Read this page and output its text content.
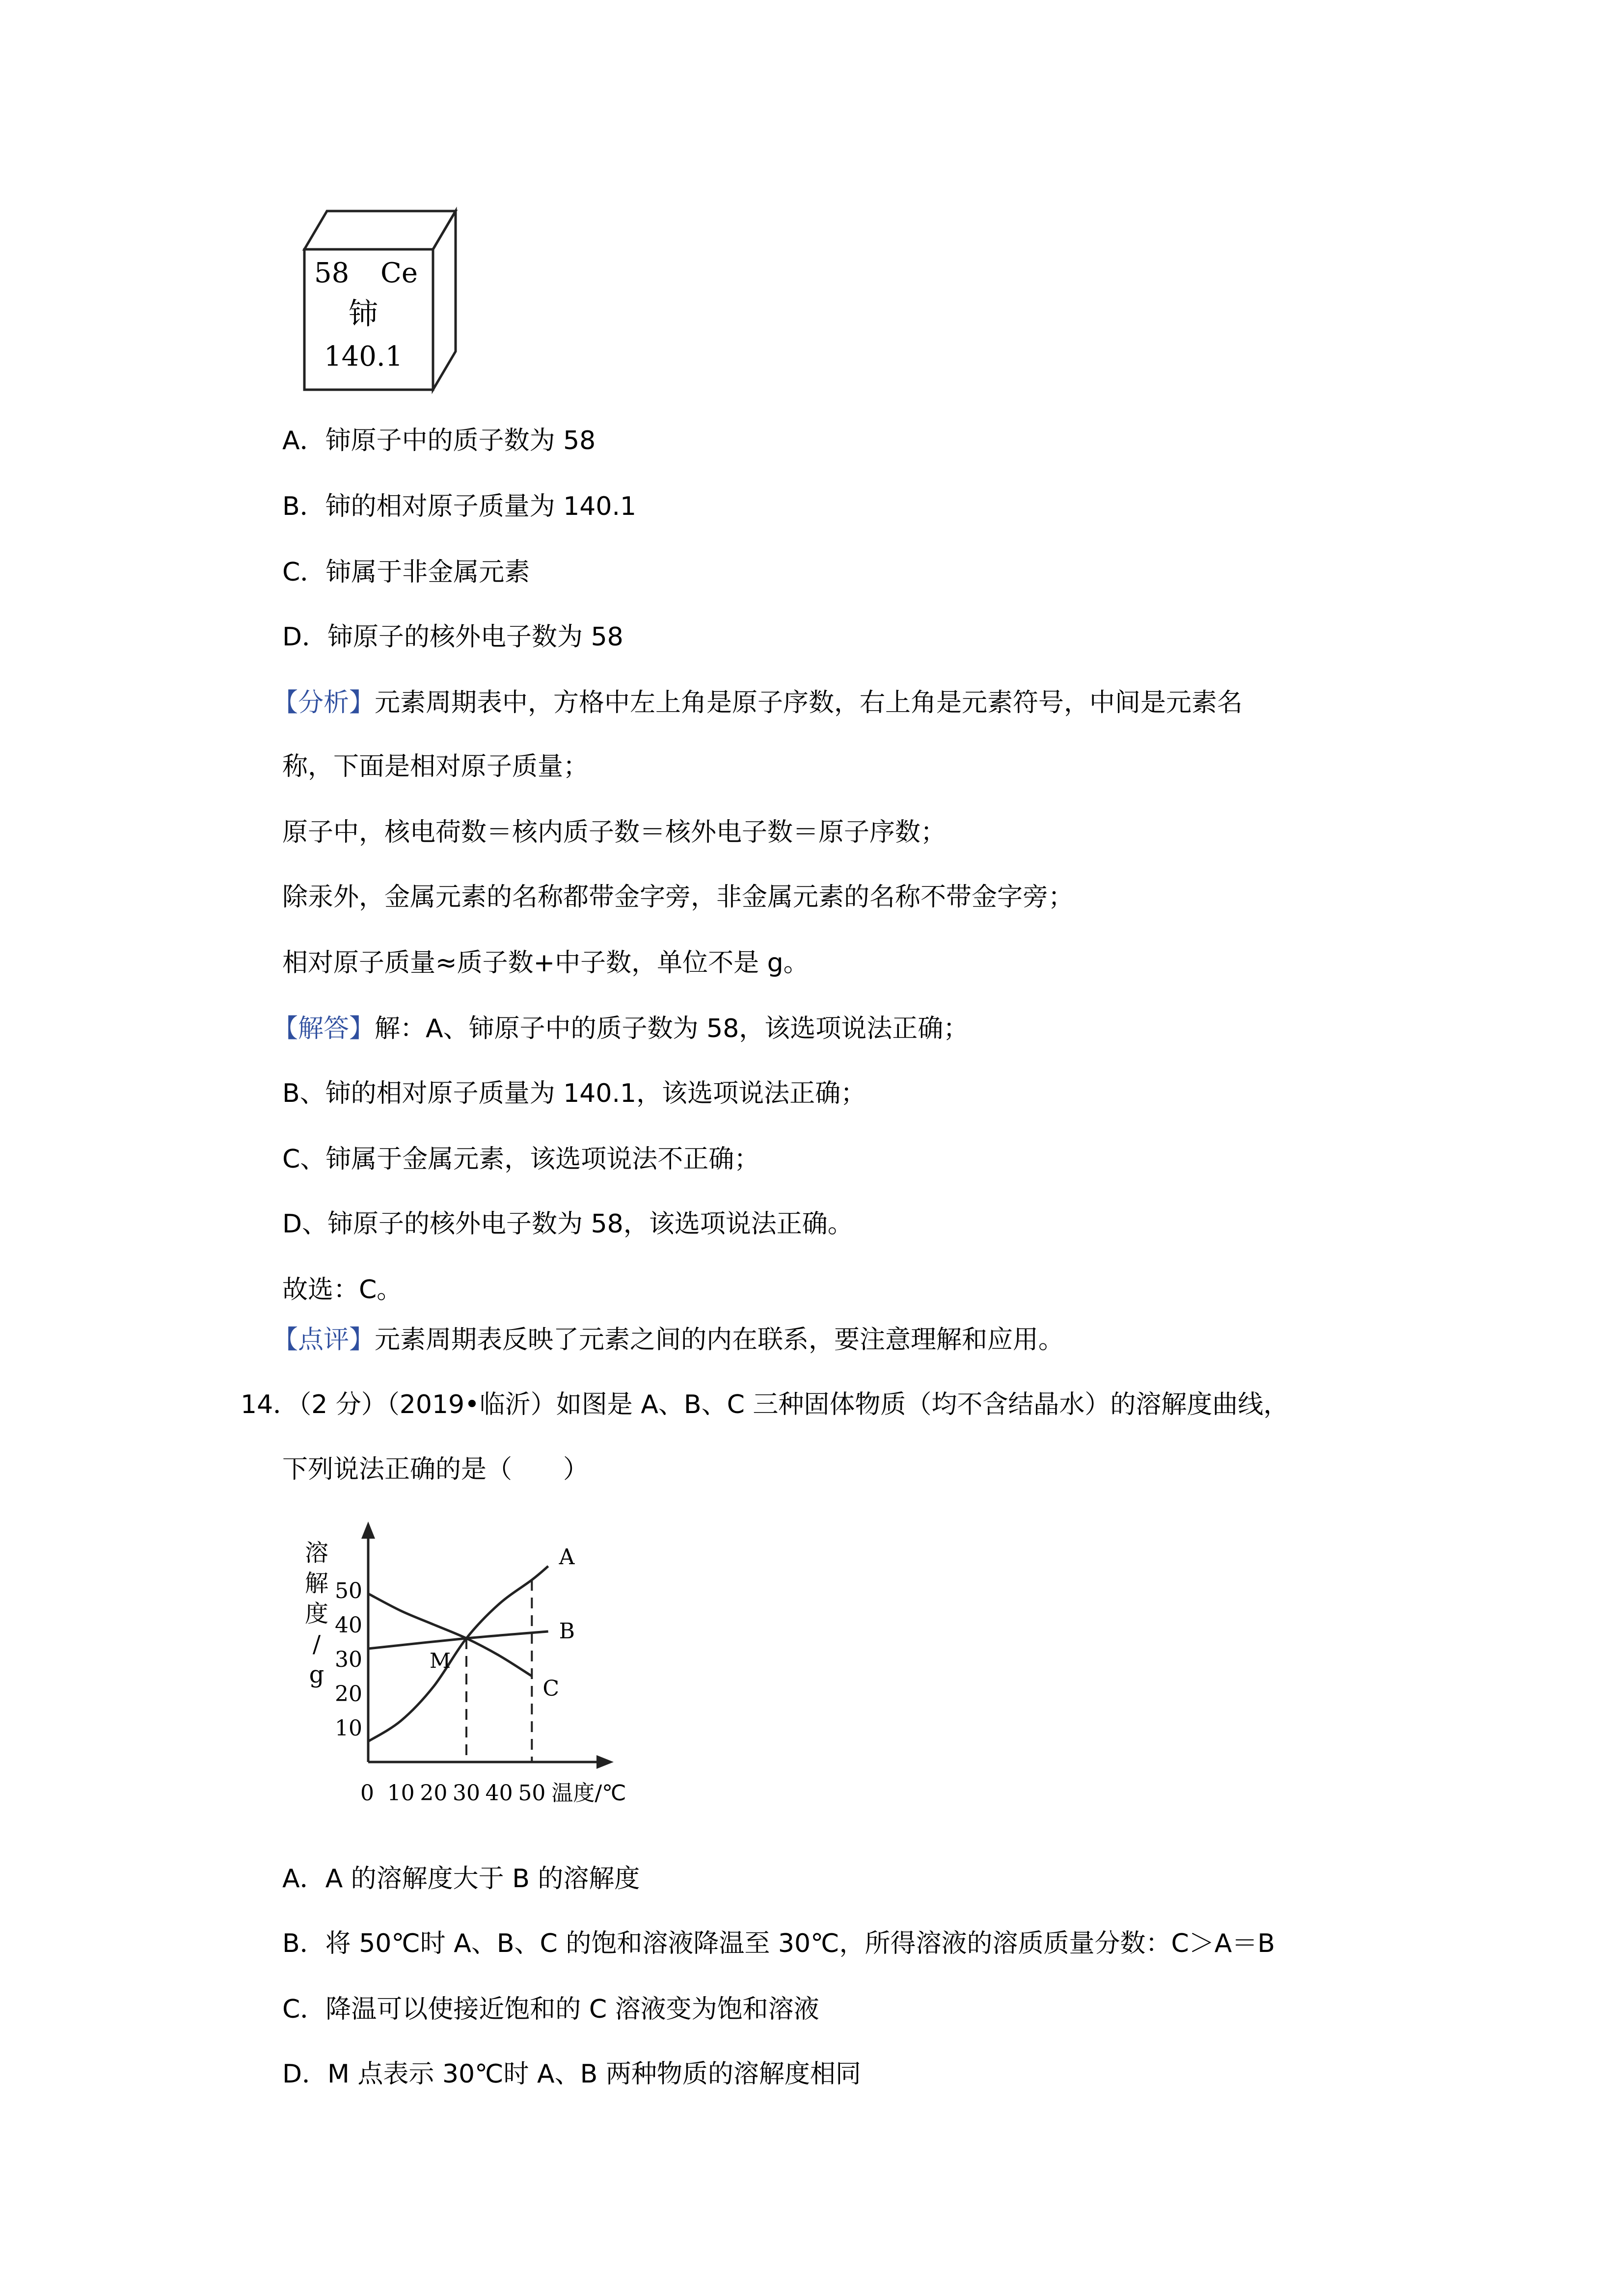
58 Ce
铈
140.1
A．铈原子中的质子数为 58
B．铈的相对原子质量为 140.1
C．铈属于非金属元素
D．铈原子的核外电子数为 58
【分析】元素周期表中，方格中左上角是原子序数，右上角是元素符号，中间是元素名
称，下面是相对原子质量；
原子中，核电荷数＝核内质子数＝核外电子数＝原子序数；
除汞外，金属元素的名称都带金字旁，非金属元素的名称不带金字旁；
相对原子质量≈质子数+中子数，单位不是 g。
【解答】解：A、铈原子中的质子数为 58，该选项说法正确；
B、铈的相对原子质量为 140.1，该选项说法正确；
C、铈属于金属元素，该选项说法不正确；
D、铈原子的核外电子数为 58，该选项说法正确。
故选：C。
【点评】元素周期表反映了元素之间的内在联系，要注意理解和应用。
14．（2 分）（2019•临沂）如图是 A、B、C 三种固体物质（均不含结晶水）的溶解度曲线，
下列说法正确的是（　　）
溶
解
度
/
g
10
20
30
40
50
0 10 20 30 40 50 温度/℃
A
B
C
M
A．A 的溶解度大于 B 的溶解度
B．将 50℃时 A、B、C 的饱和溶液降温至 30℃，所得溶液的溶质质量分数：C＞A＝B
C．降温可以使接近饱和的 C 溶液变为饱和溶液
D．M 点表示 30℃时 A、B 两种物质的溶解度相同
